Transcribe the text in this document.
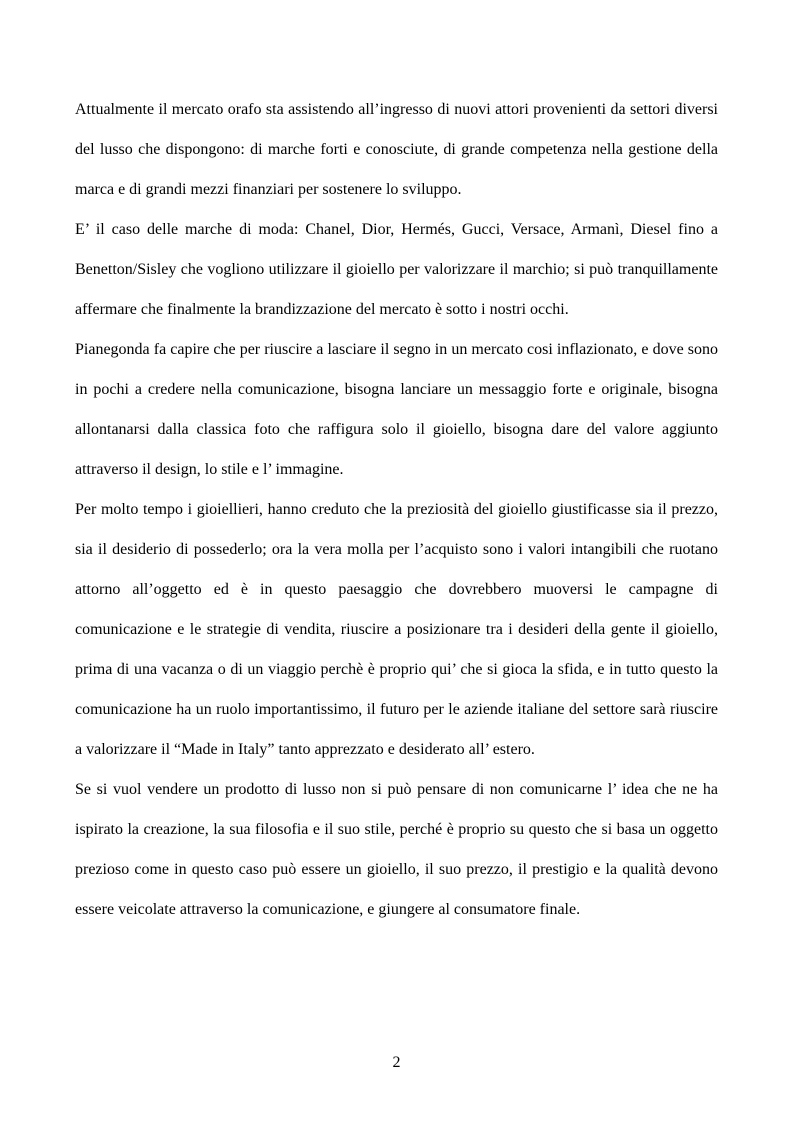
Attualmente il mercato orafo sta assistendo all’ingresso di nuovi attori provenienti da settori diversi del lusso che dispongono: di marche forti e conosciute, di grande competenza nella gestione della marca e di grandi mezzi finanziari per sostenere lo sviluppo.

E’ il caso delle marche di moda: Chanel, Dior, Hermés, Gucci, Versace, Armanì, Diesel fino a Benetton/Sisley che vogliono utilizzare il gioiello per valorizzare il marchio; si può tranquillamente affermare che finalmente la brandizzazione del mercato è sotto i nostri occhi.

Pianegonda fa capire che per riuscire a lasciare il segno in un mercato cosi inflazionato, e dove sono in pochi a credere nella comunicazione, bisogna lanciare un messaggio forte e originale, bisogna allontanarsi dalla classica foto che raffigura solo il gioiello, bisogna dare del valore aggiunto attraverso il design, lo stile e l’ immagine.

Per molto tempo i gioiellieri, hanno creduto che la preziosità del gioiello giustificasse sia il prezzo, sia il desiderio di possederlo; ora la vera molla per l’acquisto sono i valori intangibili che ruotano attorno all’oggetto ed è in questo paesaggio che dovrebbero muoversi le campagne di comunicazione e le strategie di vendita, riuscire a posizionare tra i desideri della gente il gioiello, prima di una vacanza o di un viaggio perchè è proprio qui’ che si gioca la sfida, e in tutto questo la comunicazione ha un ruolo importantissimo, il futuro per le aziende italiane del settore sarà riuscire a valorizzare il “Made in Italy” tanto apprezzato e desiderato all’ estero.

Se si vuol vendere un prodotto di lusso non si può pensare di non comunicarne l’ idea che ne ha ispirato la creazione, la sua filosofia e il suo stile, perché è proprio su questo che si basa un oggetto prezioso come in questo caso può essere un gioiello, il suo prezzo, il prestigio e la qualità devono essere veicolate attraverso la comunicazione, e giungere al consumatore finale.

2
